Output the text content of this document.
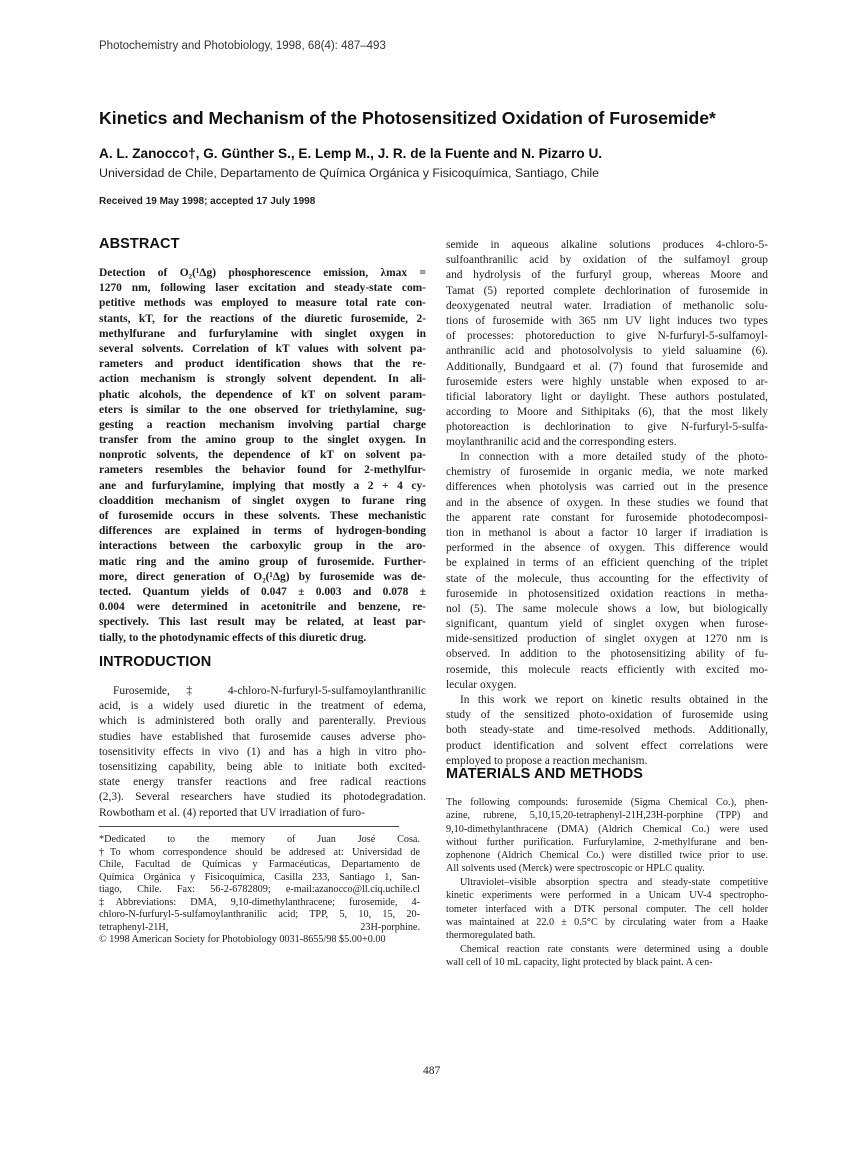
Photochemistry and Photobiology, 1998, 68(4): 487–493
Kinetics and Mechanism of the Photosensitized Oxidation of Furosemide*
A. L. Zanocco†, G. Günther S., E. Lemp M., J. R. de la Fuente and N. Pizarro U.
Universidad de Chile, Departamento de Química Orgánica y Fisicoquímica, Santiago, Chile
Received 19 May 1998; accepted 17 July 1998
ABSTRACT
Detection of O₂(¹Δg) phosphorescence emission, λmax =
1270 nm, following laser excitation and steady-state com-
petitive methods was employed to measure total rate con-
stants, kT, for the reactions of the diuretic furosemide, 2-
methylfurane and furfurylamine with singlet oxygen in
several solvents. Correlation of kT values with solvent pa-
rameters and product identification shows that the re-
action mechanism is strongly solvent dependent. In ali-
phatic alcohols, the dependence of kT on solvent param-
eters is similar to the one observed for triethylamine, sug-
gesting a reaction mechanism involving partial charge
transfer from the amino group to the singlet oxygen. In
nonprotic solvents, the dependence of kT on solvent pa-
rameters resembles the behavior found for 2-methylfur-
ane and furfurylamine, implying that mostly a 2 + 4 cy-
cloaddition mechanism of singlet oxygen to furane ring
of furosemide occurs in these solvents. These mechanistic
differences are explained in terms of hydrogen-bonding
interactions between the carboxylic group in the aro-
matic ring and the amino group of furosemide. Further-
more, direct generation of O₂(¹Δg) by furosemide was de-
tected. Quantum yields of 0.047 ± 0.003 and 0.078 ±
0.004 were determined in acetonitrile and benzene, re-
spectively. This last result may be related, at least par-
tially, to the photodynamic effects of this diuretic drug.
INTRODUCTION
Furosemide,‡ 4-chloro-N-furfuryl-5-sulfamoylanthranilic
acid, is a widely used diuretic in the treatment of edema,
which is administered both orally and parenterally. Previous
studies have established that furosemide causes adverse pho-
tosensitivity effects in vivo (1) and has a high in vitro pho-
tosensitizing capability, being able to initiate both excited-
state energy transfer reactions and free radical reactions
(2,3). Several researchers have studied its photodegradation.
Rowbotham et al. (4) reported that UV irradiation of furo-
*Dedicated to the memory of Juan José Cosa.
†To whom correspondence should be addresed at: Universidad de
Chile, Facultad de Químicas y Farmacéuticas, Departamento de
Química Orgánica y Fisicoquímica, Casilla 233, Santiago 1, San-
tiago, Chile. Fax: 56-2-6782809; e-mail:azanocco@ll.ciq.uchile.cl
‡Abbreviations: DMA, 9,10-dimethylanthracene; furosemide, 4-
chloro-N-furfuryl-5-sulfamoylanthranilic acid; TPP, 5, 10, 15, 20-
tetraphenyl-21H, 23H-porphine.
© 1998 American Society for Photobiology 0031-8655/98 $5.00+0.00
semide in aqueous alkaline solutions produces 4-chloro-5-
sulfoanthranilic acid by oxidation of the sulfamoyl group
and hydrolysis of the furfuryl group, whereas Moore and
Tamat (5) reported complete dechlorination of furosemide in
deoxygenated neutral water. Irradiation of methanolic solu-
tions of furosemide with 365 nm UV light induces two types
of processes: photoreduction to give N-furfuryl-5-sulfamoyl-
anthranilic acid and photosolvolysis to yield saluamine (6).
Additionally, Bundgaard et al. (7) found that furosemide and
furosemide esters were highly unstable when exposed to ar-
tificial laboratory light or daylight. These authors postulated,
according to Moore and Sithipitaks (6), that the most likely
photoreaction is dechlorination to give N-furfuryl-5-sulfa-
moylanthranilic acid and the corresponding esters.
In connection with a more detailed study of the photo-
chemistry of furosemide in organic media, we note marked
differences when photolysis was carried out in the presence
and in the absence of oxygen. In these studies we found that
the apparent rate constant for furosemide photodecomposi-
tion in methanol is about a factor 10 larger if irradiation is
performed in the absence of oxygen. This difference would
be explained in terms of an efficient quenching of the triplet
state of the molecule, thus accounting for the effectivity of
furosemide in photosensitized oxidation reactions in metha-
nol (5). The same molecule shows a low, but biologically
significant, quantum yield of singlet oxygen when furose-
mide-sensitized production of singlet oxygen at 1270 nm is
observed. In addition to the photosensitizing ability of fu-
rosemide, this molecule reacts efficiently with excited mo-
lecular oxygen.
In this work we report on kinetic results obtained in the
study of the sensitized photo-oxidation of furosemide using
both steady-state and time-resolved methods. Additionally,
product identification and solvent effect correlations were
employed to propose a reaction mechanism.
MATERIALS AND METHODS
The following compounds: furosemide (Sigma Chemical Co.), phen-
azine, rubrene, 5,10,15,20-tetraphenyl-21H,23H-porphine (TPP) and
9,10-dimethylanthracene (DMA) (Aldrich Chemical Co.) were used
without further purification. Furfurylamine, 2-methylfurane and ben-
zophenone (Aldrich Chemical Co.) were distilled twice prior to use.
All solvents used (Merck) were spectroscopic or HPLC quality.
Ultraviolet–visible absorption spectra and steady-state competitive
kinetic experiments were performed in a Unicam UV-4 spectropho-
tometer interfaced with a DTK personal computer. The cell holder
was maintained at 22.0 ± 0.5°C by circulating water from a Haake
thermoregulated bath.
Chemical reaction rate constants were determined using a double
wall cell of 10 mL capacity, light protected by black paint. A cen-
487
